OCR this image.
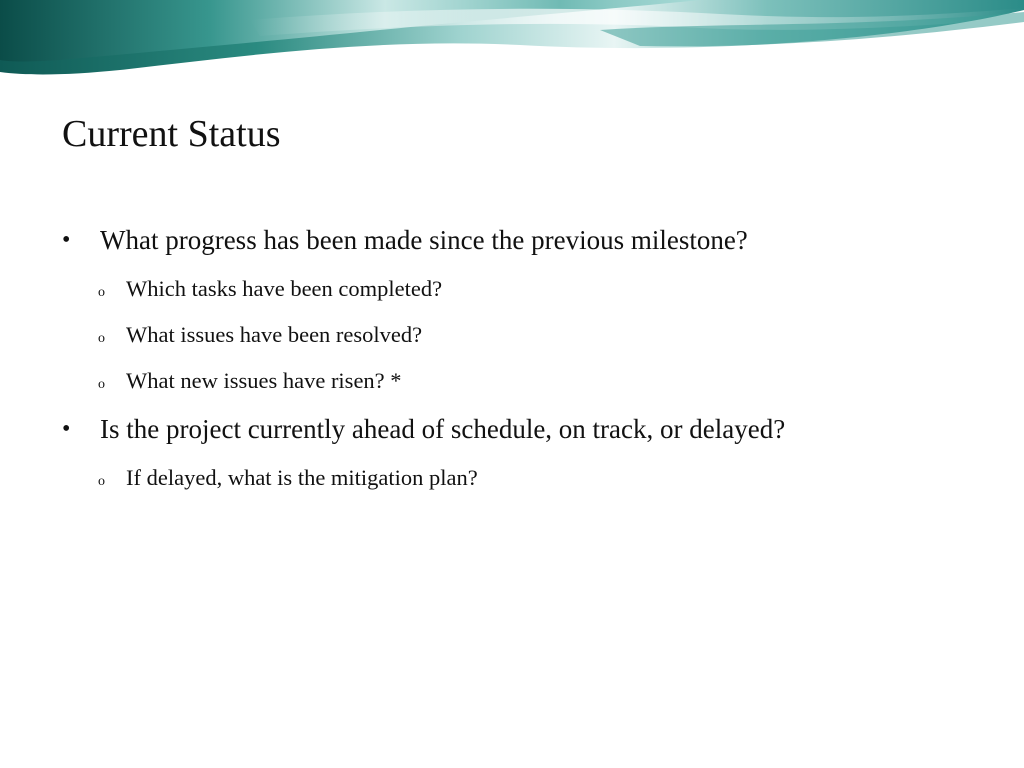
Current Status
• What progress has been made since the previous milestone?
o Which tasks have been completed?
o What issues have been resolved?
o What new issues have risen? *
• Is the project currently ahead of schedule, on track, or delayed?
o If delayed, what is the mitigation plan?
